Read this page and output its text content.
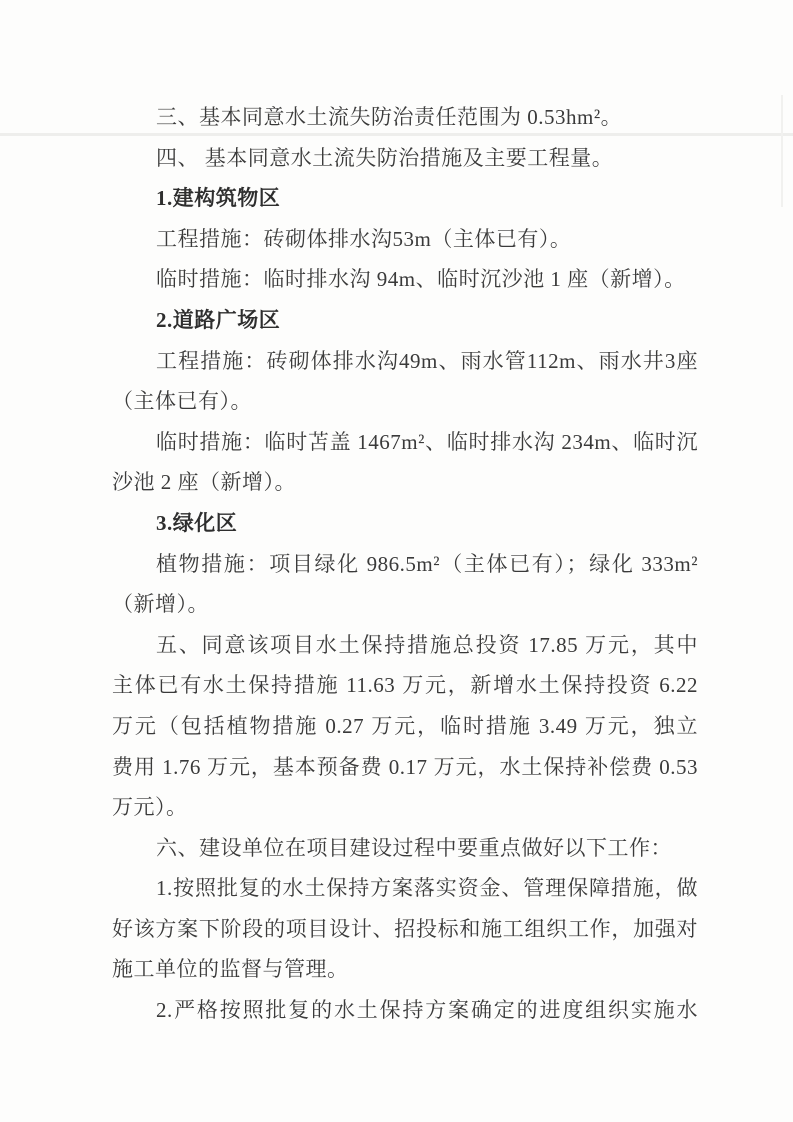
三、基本同意水土流失防治责任范围为 0.53hm²。
四、 基本同意水土流失防治措施及主要工程量。
1.建构筑物区
工程措施：砖砌体排水沟53m（主体已有）。
临时措施：临时排水沟 94m、临时沉沙池 1 座（新增）。
2.道路广场区
工程措施：砖砌体排水沟49m、雨水管112m、雨水井3座
（主体已有）。
临时措施：临时苫盖 1467m²、临时排水沟 234m、临时沉
沙池 2 座（新增）。
3.绿化区
植物措施：项目绿化 986.5m²（主体已有）；绿化 333m²
（新增）。
五、同意该项目水土保持措施总投资 17.85 万元，其中
主体已有水土保持措施 11.63 万元，新增水土保持投资 6.22
万元（包括植物措施 0.27 万元，临时措施 3.49 万元，独立
费用 1.76 万元，基本预备费 0.17 万元，水土保持补偿费 0.53
万元）。
六、建设单位在项目建设过程中要重点做好以下工作：
1.按照批复的水土保持方案落实资金、管理保障措施，做
好该方案下阶段的项目设计、招投标和施工组织工作，加强对
施工单位的监督与管理。
2.严格按照批复的水土保持方案确定的进度组织实施水
